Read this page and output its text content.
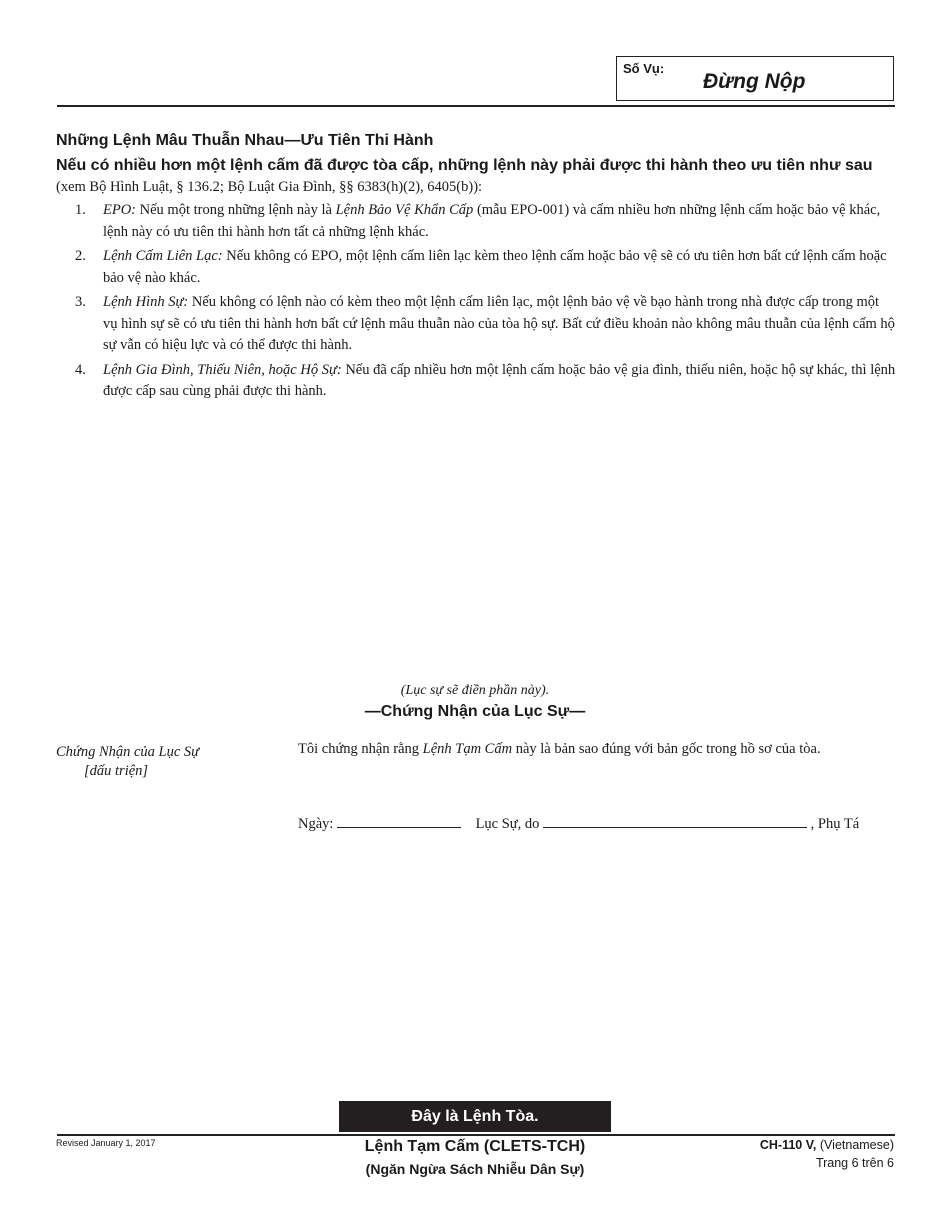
Số Vụ:
Đừng Nộp
Những Lệnh Mâu Thuẫn Nhau—Ưu Tiên Thi Hành
Nếu có nhiều hơn một lệnh cấm đã được tòa cấp, những lệnh này phải được thi hành theo ưu tiên như sau (xem Bộ Hình Luật, § 136.2; Bộ Luật Gia Đình, §§ 6383(h)(2), 6405(b)):
1. EPO: Nếu một trong những lệnh này là Lệnh Bảo Vệ Khẩn Cấp (mẫu EPO-001) và cấm nhiều hơn những lệnh cấm hoặc bảo vệ khác, lệnh này có ưu tiên thi hành hơn tất cả những lệnh khác.
2. Lệnh Cấm Liên Lạc: Nếu không có EPO, một lệnh cấm liên lạc kèm theo lệnh cấm hoặc bảo vệ sẽ có ưu tiên hơn bất cứ lệnh cấm hoặc bảo vệ nào khác.
3. Lệnh Hình Sự: Nếu không có lệnh nào có kèm theo một lệnh cấm liên lạc, một lệnh bảo vệ về bạo hành trong nhà được cấp trong một vụ hình sự sẽ có ưu tiên thi hành hơn bất cứ lệnh mâu thuẫn nào của tòa hộ sự. Bất cứ điều khoản nào không mâu thuẫn của lệnh cấm hộ sự vẫn có hiệu lực và có thể được thi hành.
4. Lệnh Gia Đình, Thiếu Niên, hoặc Hộ Sự: Nếu đã cấp nhiều hơn một lệnh cấm hoặc bảo vệ gia đình, thiếu niên, hoặc hộ sự khác, thì lệnh được cấp sau cùng phải được thi hành.
(Lục sự sẽ điền phần này).
—Chứng Nhận của Lục Sự—
Chứng Nhận của Lục Sự
[dấu triện]
Tôi chứng nhận rằng Lệnh Tạm Cấm này là bản sao đúng với bản gốc trong hồ sơ của tòa.
Ngày:	Lục Sự, do	, Phụ Tá
Đây là Lệnh Tòa.
Revised January 1, 2017	Lệnh Tạm Cấm (CLETS-TCH)
(Ngăn Ngừa Sách Nhiễu Dân Sự)
CH-110 V, (Vietnamese)
Trang 6 trên 6
